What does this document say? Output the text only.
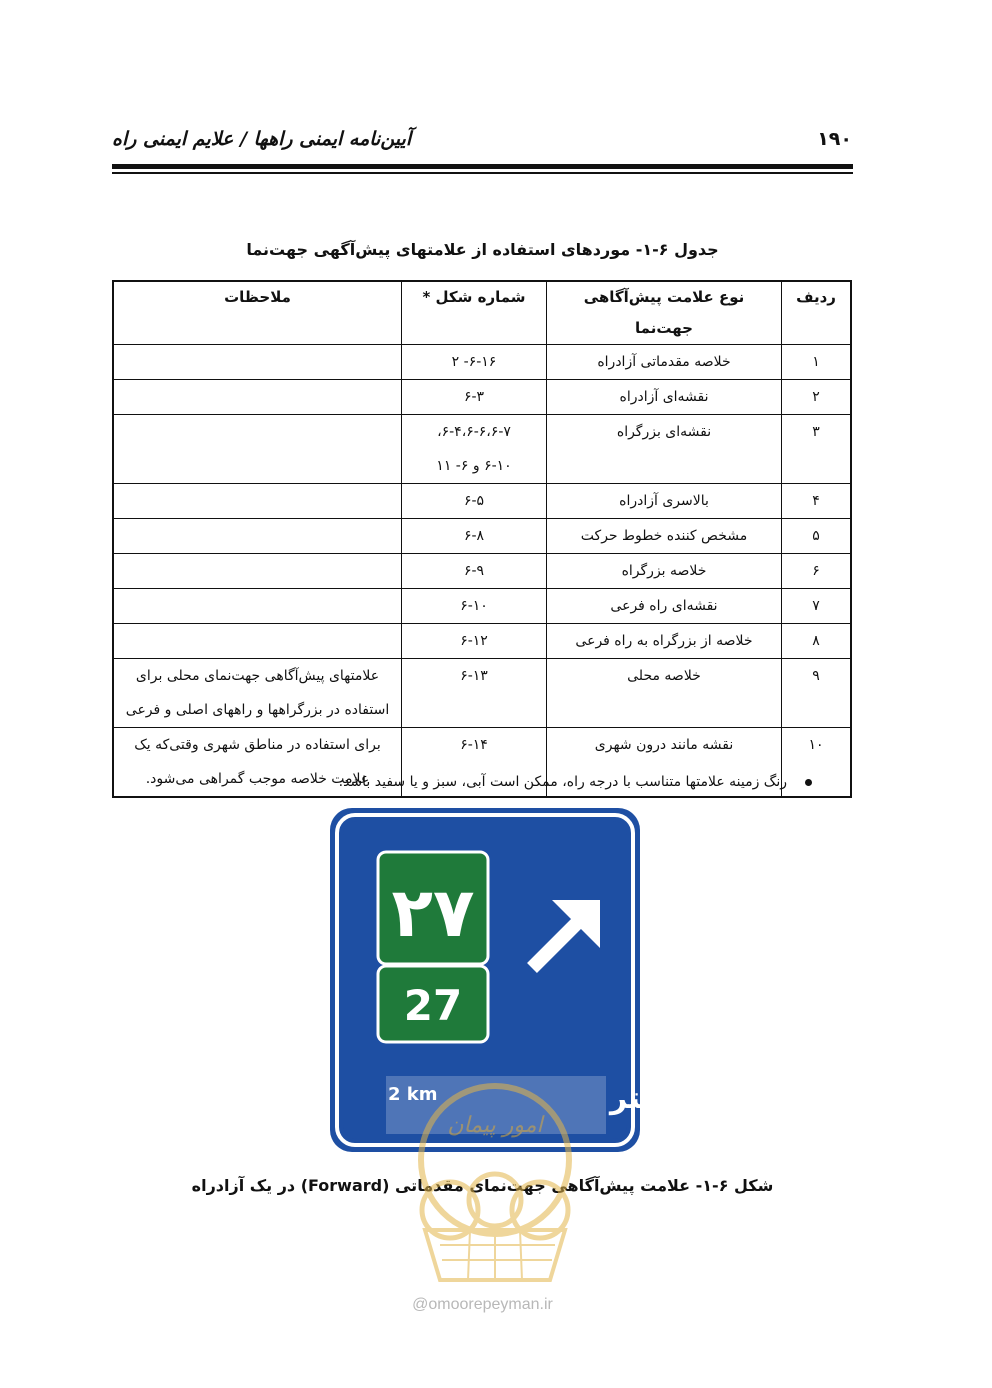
آیین‌نامه ایمنی راهها / علایم ایمنی راه	۱۹۰
جدول ۶-۱- موردهای استفاده از علامتهای پیش‌آگهی جهت‌نما
ردیف	نوع علامت پیش‌آگاهی جهت‌نما	شماره شکل *	ملاحظات
۱	خلاصه مقدماتی آزادراه	۶-۱۶- ۲	

۲	نقشه‌ای آزادراه	۶-۳	

۳	نقشه‌ای بزرگراه	۶-۴،۶-۶،۶-۷،
۶-۱۰ و ۶- ۱۱	

۴	بالاسری آزادراه	۶-۵	

۵	مشخص کننده خطوط حرکت	۶-۸	

۶	خلاصه بزرگراه	۶-۹	

۷	نقشه‌ای راه فرعی	۶-۱۰	

۸	خلاصه از بزرگراه به راه فرعی	۶-۱۲	

۹	خلاصه محلی	۶-۱۳	علامتهای پیش‌آگاهی جهت‌نمای محلی برای
استفاده در بزرگراهها و راههای اصلی و فرعی

۱۰	نقشه مانند درون شهری	۶-۱۴	برای استفاده در مناطق شهری وقتی‌که یک
علامت خلاصه موجب گمراهی می‌شود.
رنگ زمینه علامتها متناسب با درجه راه، ممکن است آبی، سبز و یا سفید باشد.
۲۷
27
۲ کیلومتر
2 km
شکل ۶-۱- علامت پیش‌آگاهی جهت‌نمای مقدماتی (Forward) در یک آزادراه
امور پیمان
@omoorepeyman.ir
